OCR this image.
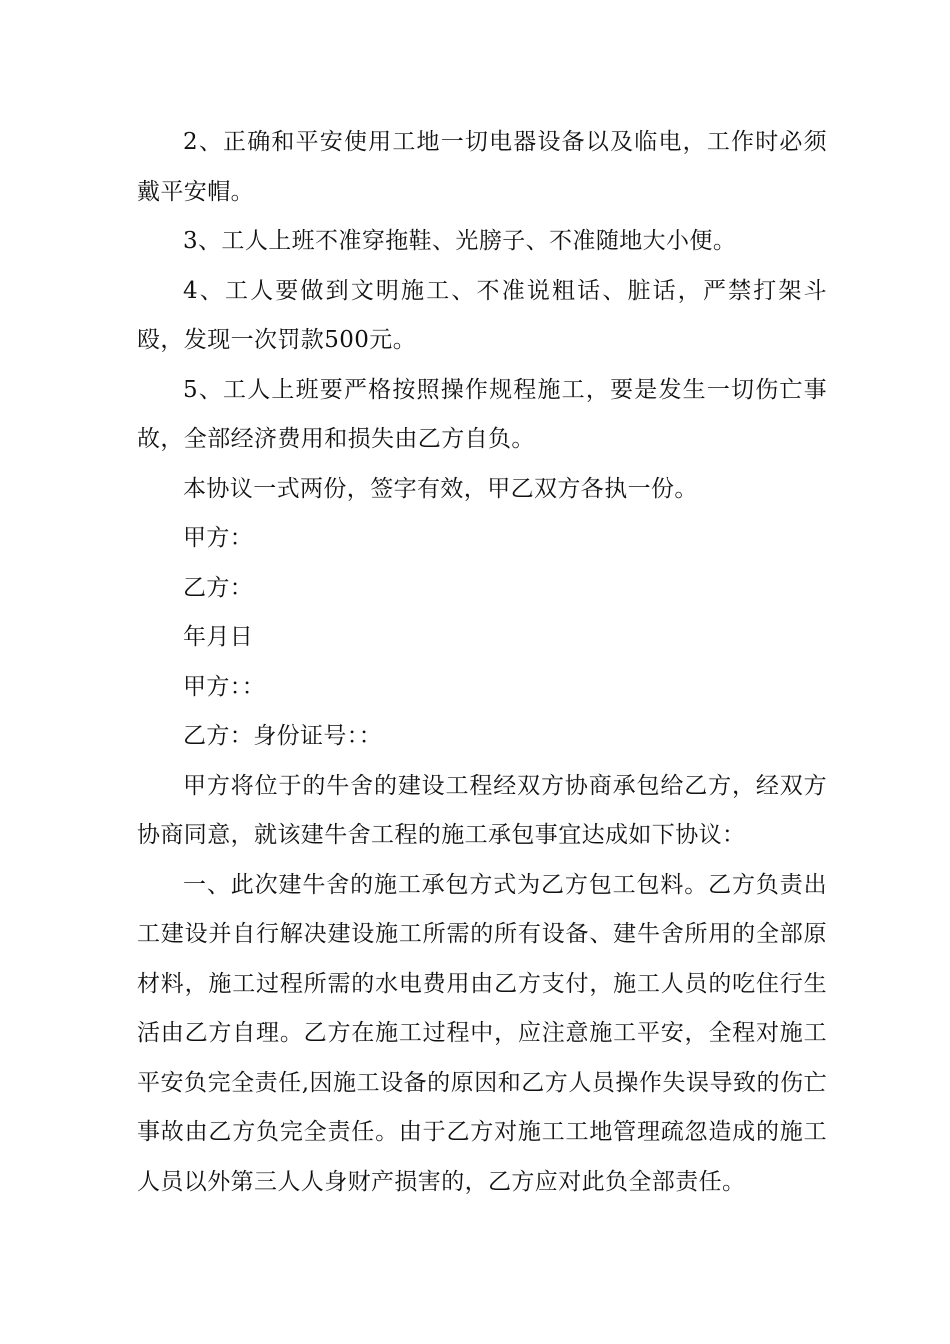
2、正确和平安使用工地一切电器设备以及临电，工作时必须戴平安帽。

3、工人上班不准穿拖鞋、光膀子、不准随地大小便。

4、工人要做到文明施工、不准说粗话、脏话，严禁打架斗殴，发现一次罚款500元。

5、工人上班要严格按照操作规程施工，要是发生一切伤亡事故，全部经济费用和损失由乙方自负。

本协议一式两份，签字有效，甲乙双方各执一份。

甲方：

乙方：

年月日

甲方：：

乙方：身份证号：：

甲方将位于的牛舍的建设工程经双方协商承包给乙方，经双方协商同意，就该建牛舍工程的施工承包事宜达成如下协议：

一、此次建牛舍的施工承包方式为乙方包工包料。乙方负责出工建设并自行解决建设施工所需的所有设备、建牛舍所用的全部原材料，施工过程所需的水电费用由乙方支付，施工人员的吃住行生活由乙方自理。乙方在施工过程中，应注意施工平安，全程对施工平安负完全责任,因施工设备的原因和乙方人员操作失误导致的伤亡事故由乙方负完全责任。由于乙方对施工工地管理疏忽造成的施工人员以外第三人人身财产损害的，乙方应对此负全部责任。
